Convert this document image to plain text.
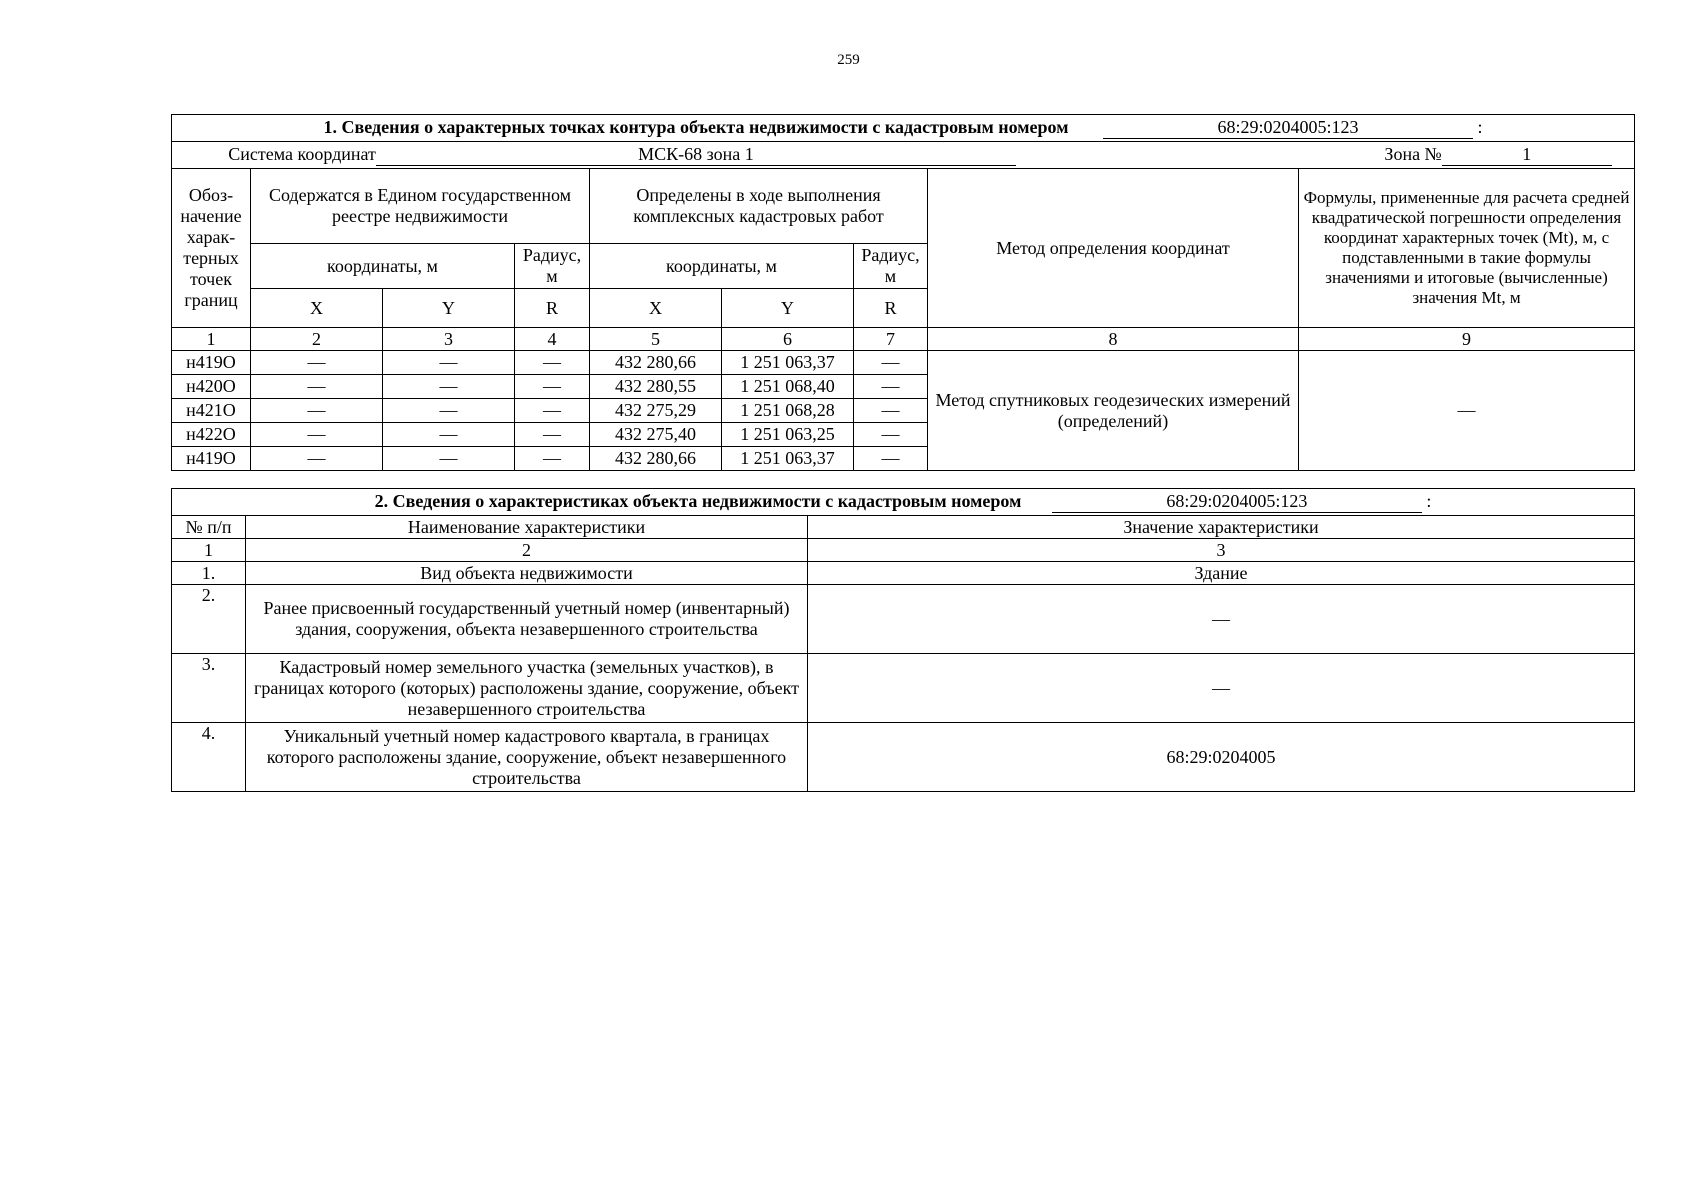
259
1. Сведения о характерных точках контура объекта недвижимости с кадастровым номером 68:29:0204005:123 :								
Система координат МСК-68 зона 1 Зона № 1								
Обоз-начение харак-терных точек границ	Содержатся в Едином государственном реестре недвижимости			Определены в ходе выполнения комплексных кадастровых работ			Метод определения координат	Формулы, примененные для расчета средней квадратической погрешности определения координат характерных точек (Mt), м, с подставленными в такие формулы значениями и итоговые (вычисленные) значения Mt, м
	координаты, м		Радиус, м	координаты, м		Радиус, м		
	X	Y	R	X	Y	R		
1	2	3	4	5	6	7	8	9
н419О	—	—	—	432 280,66	1 251 063,37	—	Метод спутниковых геодезических измерений (определений)	—
н420О	—	—	—	432 280,55	1 251 068,40	—		
н421О	—	—	—	432 275,29	1 251 068,28	—		
н422О	—	—	—	432 275,40	1 251 063,25	—		
н419О	—	—	—	432 280,66	1 251 063,37	—		
2. Сведения о характеристиках объекта недвижимости с кадастровым номером 68:29:0204005:123 :		
№ п/п	Наименование характеристики	Значение характеристики
1	2	3
1.	Вид объекта недвижимости	Здание
2.	Ранее присвоенный государственный учетный номер (инвентарный) здания, сооружения, объекта незавершенного строительства	—
3.	Кадастровый номер земельного участка (земельных участков), в границах которого (которых) расположены здание, сооружение, объект незавершенного строительства	—
4.	Уникальный учетный номер кадастрового квартала, в границах которого расположены здание, сооружение, объект незавершенного строительства	68:29:0204005
